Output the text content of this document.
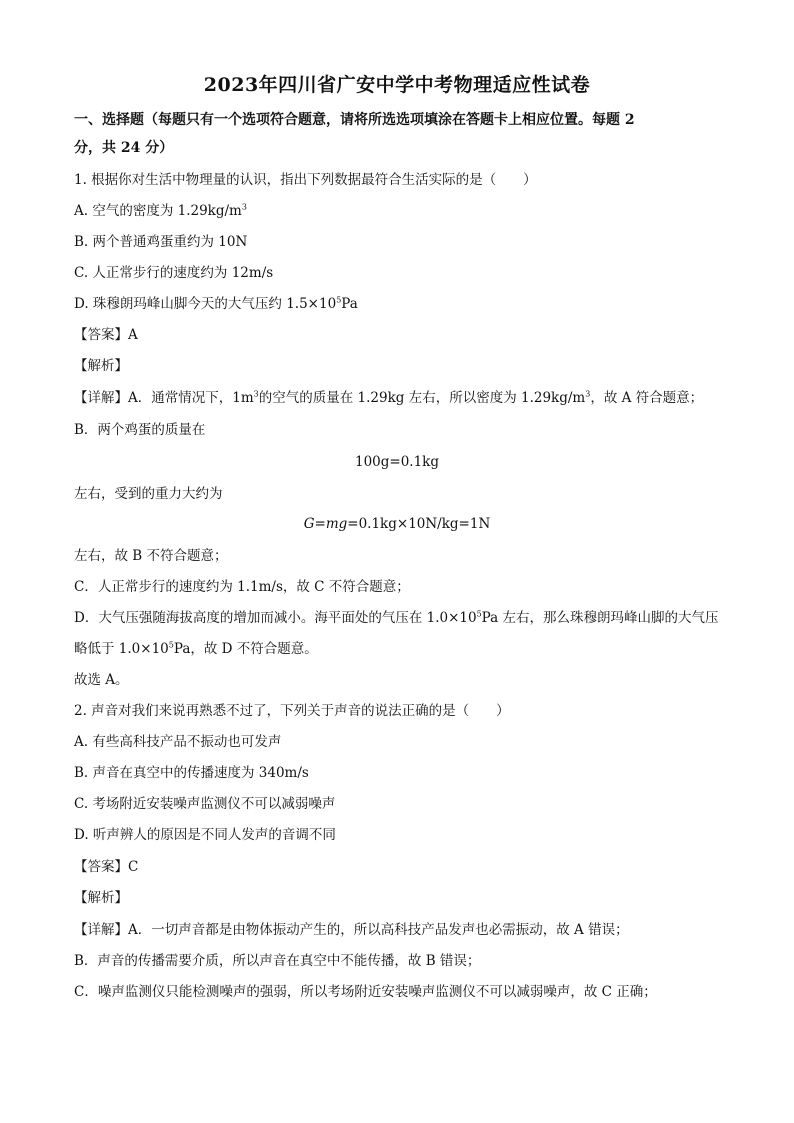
2023年四川省广安中学中考物理适应性试卷
一、选择题（每题只有一个选项符合题意，请将所选选项填涂在答题卡上相应位置。每题 2
分，共 24 分）
1. 根据你对生活中物理量的认识，指出下列数据最符合生活实际的是（　　）
A. 空气的密度为 $1.29kg/m^3$
B. 两个普通鸡蛋重约为 10N
C. 人正常步行的速度约为 12m/s
D. 珠穆朗玛峰山脚今天的大气压约 $1.5\times 10^5Pa$
【答案】A
【解析】
【详解】A．通常情况下，$1m^3$的空气的质量在 1.29kg 左右，所以密度为 $1.29kg/m^3$，故 A 符合题意；
B．两个鸡蛋的质量在
100g=0.1kg
左右，受到的重力大约为
G=mg=0.1kg×10N/kg=1N
左右，故 B 不符合题意；
C．人正常步行的速度约为 1.1m/s，故 C 不符合题意；
D．大气压强随海拔高度的增加而减小。海平面处的气压在 $1.0\times 10^5Pa$ 左右，那么珠穆朗玛峰山脚的大气压
略低于 $1.0\times 10^5Pa$，故 D 不符合题意。
故选 A。
2. 声音对我们来说再熟悉不过了，下列关于声音的说法正确的是（　　）
A. 有些高科技产品不振动也可发声
B. 声音在真空中的传播速度为 340m/s
C. 考场附近安装噪声监测仪不可以减弱噪声
D. 听声辨人的原因是不同人发声的音调不同
【答案】C
【解析】
【详解】A．一切声音都是由物体振动产生的，所以高科技产品发声也必需振动，故 A 错误；
B．声音的传播需要介质，所以声音在真空中不能传播，故 B 错误；
C．噪声监测仪只能检测噪声的强弱，所以考场附近安装噪声监测仪不可以减弱噪声，故 C 正确；
